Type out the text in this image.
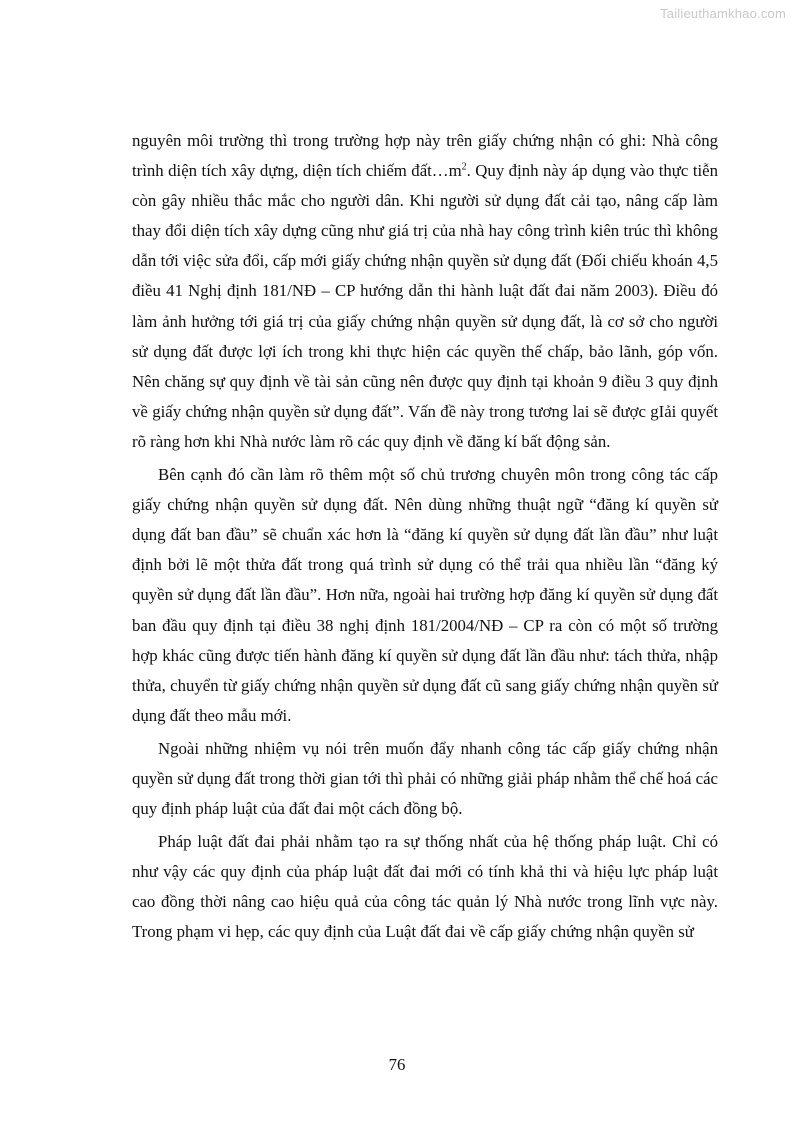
Tailieuthamkhao.com

nguyên môi trường thì trong trường hợp này trên giấy chứng nhận có ghi: Nhà công trình diện tích xây dựng, diện tích chiếm $đất\dots m^2$. Quy định này áp dụng vào thực tiễn còn gây nhiều thắc mắc cho người dân. Khi người sử dụng đất cải tạo, nâng cấp làm thay đổi diện tích xây dựng cũng như giá trị của nhà hay công trình kiên trúc thì không dẫn tới việc sửa đổi, cấp mới giấy chứng nhận quyền sử dụng đất (Đối chiếu khoán 4,5 điều 41 Nghị định 181/NĐ – CP hướng dẫn thi hành luật đất đai năm 2003). Điều đó làm ảnh hưởng tới giá trị của giấy chứng nhận quyền sử dụng đất, là cơ sở cho người sử dụng đất được lợi ích trong khi thực hiện các quyền thế chấp, bảo lãnh, góp vốn. Nên chăng sự quy định về tài sản cũng nên được quy định tại khoản 9 điều 3 quy định về giấy chứng nhận quyền sử dụng đất”. Vấn đề này trong tương lai sẽ được gIải quyết rõ ràng hơn khi Nhà nước làm rõ các quy định về đăng kí bất động sản.

Bên cạnh đó cần làm rõ thêm một số chủ trương chuyên môn trong công tác cấp giấy chứng nhận quyền sử dụng đất. Nên dùng những thuật ngữ “đăng kí quyền sử dụng đất ban đầu” sẽ chuẩn xác hơn là “đăng kí quyền sử dụng đất lần đầu” như luật định bởi lẽ một thửa đất trong quá trình sử dụng có thể trải qua nhiều lần “đăng ký quyền sử dụng đất lần đầu”. Hơn nữa, ngoài hai trường hợp đăng kí quyền sử dụng đất ban đầu quy định tại điều 38 nghị định 181/2004/NĐ – CP ra còn có một số trường hợp khác cũng được tiến hành đăng kí quyền sử dụng đất lần đầu như: tách thửa, nhập thửa, chuyển từ giấy chứng nhận quyền sử dụng đất cũ sang giấy chứng nhận quyền sử dụng đất theo mẫu mới.

Ngoài những nhiệm vụ nói trên muốn đẩy nhanh công tác cấp giấy chứng nhận quyền sử dụng đất trong thời gian tới thì phải có những giải pháp nhằm thể chế hoá các quy định pháp luật của đất đai một cách đồng bộ.

Pháp luật đất đai phải nhằm tạo ra sự thống nhất của hệ thống pháp luật. Chỉ có như vậy các quy định của pháp luật đất đai mới có tính khả thi và hiệu lực pháp luật cao đồng thời nâng cao hiệu quả của công tác quản lý Nhà nước trong lĩnh vực này. Trong phạm vi hẹp, các quy định của Luật đất đai về cấp giấy chứng nhận quyền sử

76
